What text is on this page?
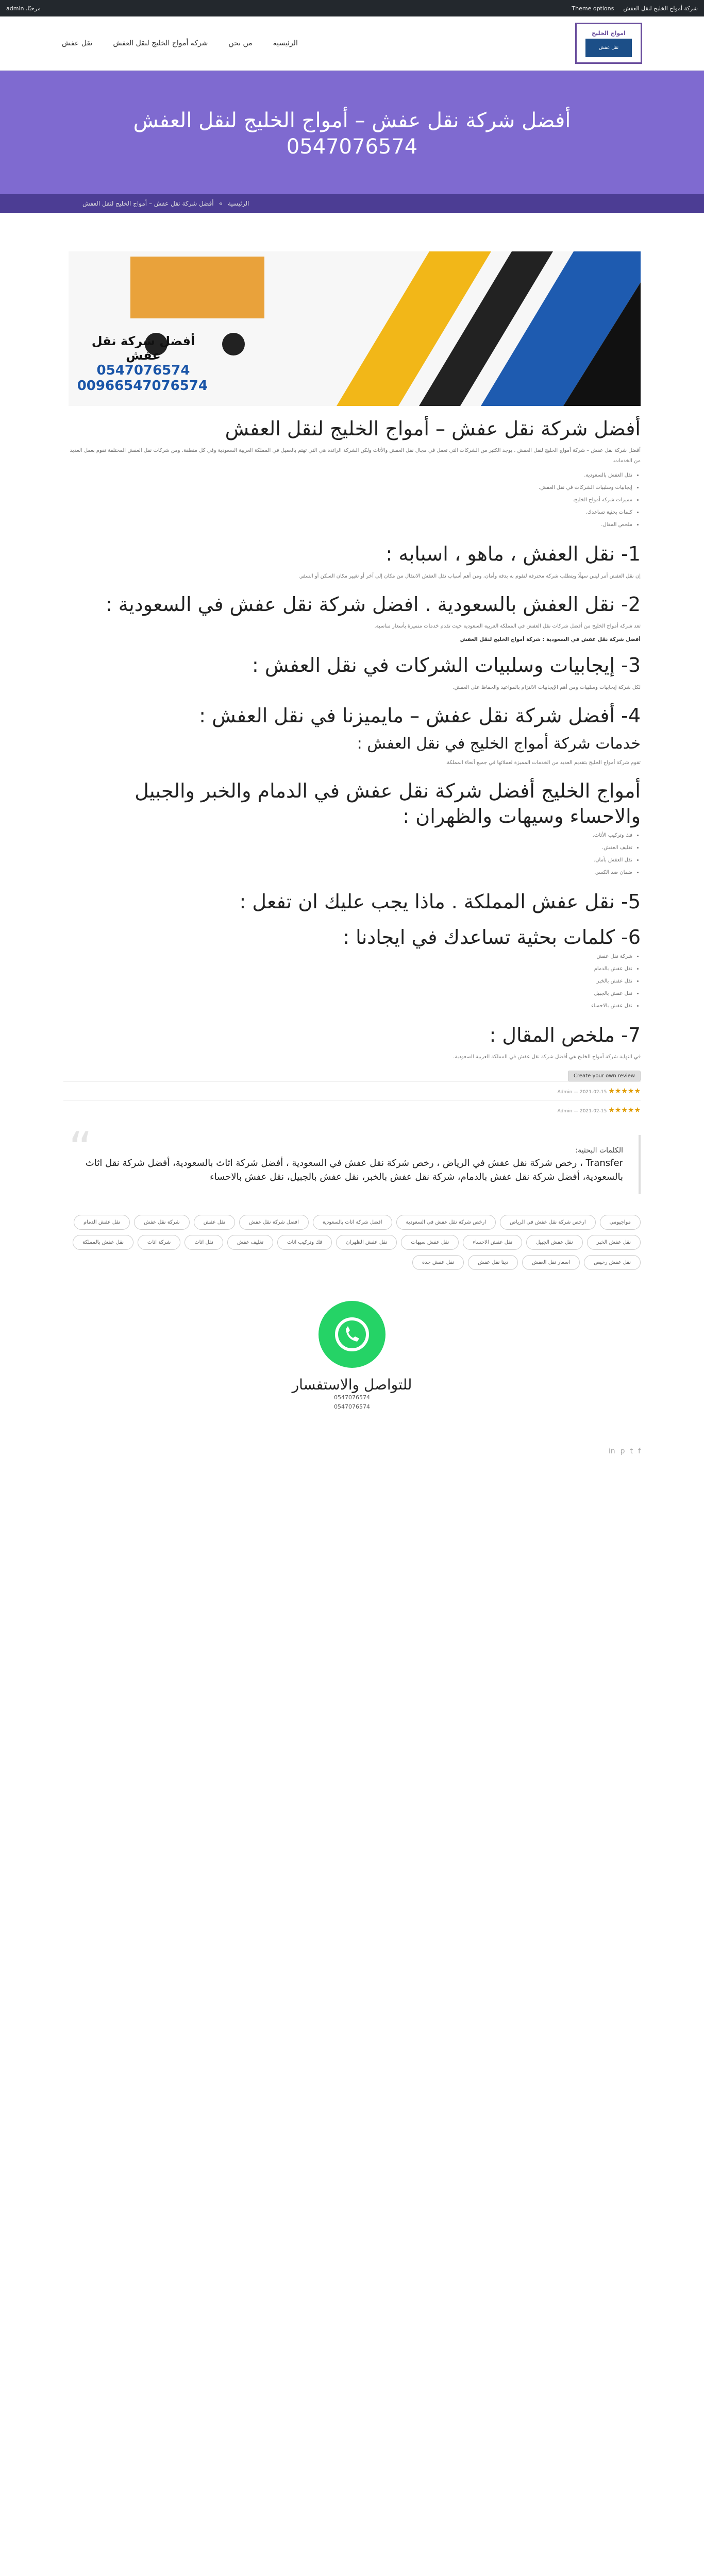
شركة أمواج الخليج لنقل العفش
Theme options
مرحبًا، admin
امواج الخليج
نقل عفش
الرئيسية
من نحن
شركة أمواج الخليج لنقل العفش
نقل عفش
أفضل شركة نقل عفش – أمواج الخليج لنقل العفش
0547076574
الرئيسية
»
أفضل شركة نقل عفش – أمواج الخليج لنقل العفش
أفضل شركة نقل عفش
0547076574
00966547076574
أفضل شركة نقل عفش – أمواج الخليج لنقل العفش

أفضل شركة نقل عفش – شركة أمواج الخليج لنقل العفش . يوجد الكثير من الشركات التي تعمل في مجال نقل العفش والأثاث ولكن الشركة الرائدة هي التي تهتم بالعميل في المملكة العربية السعودية وفي كل منطقة. ومن شركات نقل العفش المختلفة تقوم بعمل العديد من الخدمات.

• نقل العفش بالسعودية.
• إيجابيات وسلبيات الشركات في نقل العفش.
• مميزات شركة أمواج الخليج.
• كلمات بحثية تساعدك.
• ملخص المقال.
1- نقل العفش ، ماهو ، اسبابه :

إن نقل العفش أمر ليس سهلًا ويتطلب شركة محترفة لتقوم به بدقة وأمان، ومن أهم أسباب نقل العفش الانتقال من مكان إلى آخر أو تغيير مكان السكن أو السفر.

2- نقل العفش بالسعودية . افضل شركة نقل عفش في السعودية :

تعد شركة أمواج الخليج من أفضل شركات نقل العفش في المملكة العربية السعودية حيث تقدم خدمات متميزة بأسعار مناسبة.

أفضل شركة نقل عفش في السعودية : شركة أمواج الخليج لنقل العفش
3- إيجابيات وسلبيات الشركات في نقل العفش :

لكل شركة إيجابيات وسلبيات ومن أهم الإيجابيات الالتزام بالمواعيد والحفاظ على العفش.

4- أفضل شركة نقل عفش – مايميزنا في نقل العفش :
خدمات شركة أمواج الخليج في نقل العفش :

تقوم شركة أمواج الخليج بتقديم العديد من الخدمات المميزة لعملائها في جميع أنحاء المملكة.

أمواج الخليج أفضل شركة نقل عفش في الدمام والخبر والجبيل والاحساء وسيهات والظهران :
• فك وتركيب الأثاث.
• تغليف العفش.
• نقل العفش بأمان.
• ضمان ضد الكسر.
5- نقل عفش المملكة . ماذا يجب عليك ان تفعل :
6- كلمات بحثية تساعدك في ايجادنا :
• شركة نقل عفش
• نقل عفش بالدمام
• نقل عفش بالخبر
• نقل عفش بالجبيل
• نقل عفش بالاحساء
7- ملخص المقال :

في النهاية شركة أمواج الخليج هي أفضل شركة نقل عفش في المملكة العربية السعودية.

Create your own review
★★★★★ Admin — 2021-02-15
★★★★★ Admin — 2021-02-15
“	الكلمات البحثية:
Transfer ، رخص شركة نقل عفش في الرياض ، رخص شركة نقل عفش في السعودية ، أفضل شركة اثاث بالسعودية، أفضل شركة نقل اثاث بالسعودية، أفضل شركة نقل عفش بالدمام، شركة نقل عفش بالخبر، نقل عفش بالجبيل، نقل عفش بالاحساء
مواجيومي
ارخص شركة نقل عفش في الرياض
ارخص شركة نقل عفش في السعودية
افضل شركة اثاث بالسعودية
افضل شركة نقل عفش
نقل عفش
شركة نقل عفش
نقل عفش الدمام
نقل عفش الخبر
نقل عفش الجبيل
نقل عفش الاحساء
نقل عفش سيهات
نقل عفش الظهران
فك وتركيب اثاث
تغليف عفش
نقل اثاث
شركة اثاث
نقل عفش بالمملكة
نقل عفش رخيص
اسعار نقل العفش
دينا نقل عفش
نقل عفش جدة
للتواصل والاستفسار
0547076574
0547076574
f
t
p
in
